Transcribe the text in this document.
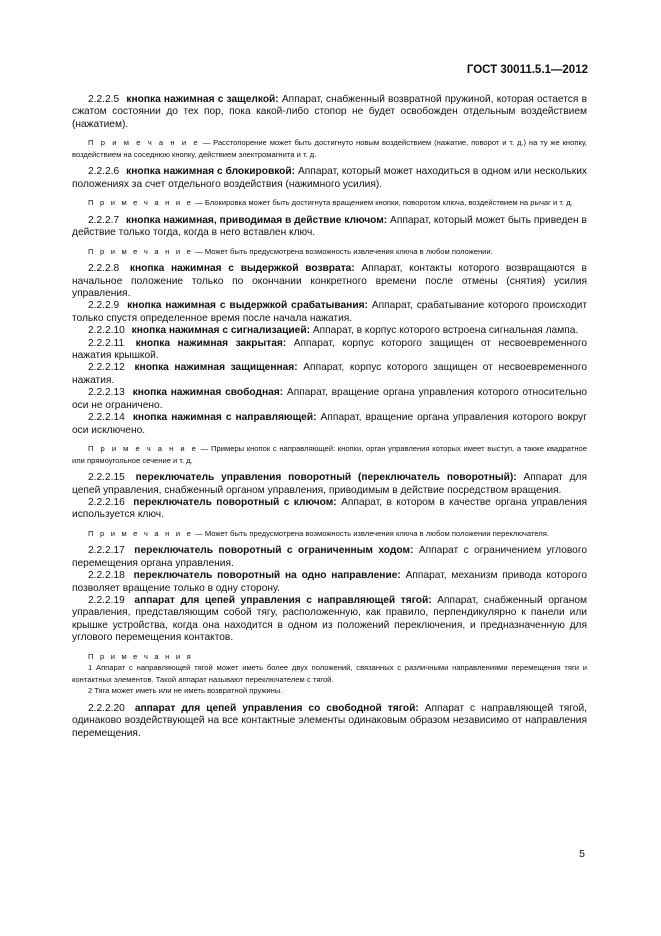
ГОСТ 30011.5.1—2012

2.2.2.5 кнопка нажимная с защелкой: Аппарат, снабженный возвратной пружиной, которая остается в сжатом состоянии до тех пор, пока какой-либо стопор не будет освобожден отдельным воздействием (нажатием).

П р и м е ч а н и е — Расстопорение может быть достигнуто новым воздействием (нажатие, поворот и т. д.) на ту же кнопку, воздействием на соседнюю кнопку, действием электромагнита и т. д.

2.2.2.6 кнопка нажимная с блокировкой: Аппарат, который может находиться в одном или нескольких положениях за счет отдельного воздействия (нажимного усилия).

П р и м е ч а н и е — Блокировка может быть достигнута вращением кнопки, поворотом ключа, воздействием на рычаг и т. д.

2.2.2.7 кнопка нажимная, приводимая в действие ключом: Аппарат, который может быть приведен в действие только тогда, когда в него вставлен ключ.

П р и м е ч а н и е — Может быть предусмотрена возможность извлечения ключа в любом положении.

2.2.2.8 кнопка нажимная с выдержкой возврата: Аппарат, контакты которого возвращаются в начальное положение только по окончании конкретного времени после отмены (снятия) усилия управления.

2.2.2.9 кнопка нажимная с выдержкой срабатывания: Аппарат, срабатывание которого происходит только спустя определенное время после начала нажатия.

2.2.2.10 кнопка нажимная с сигнализацией: Аппарат, в корпус которого встроена сигнальная лампа.

2.2.2.11 кнопка нажимная закрытая: Аппарат, корпус которого защищен от несвоевременного нажатия крышкой.

2.2.2.12 кнопка нажимная защищенная: Аппарат, корпус которого защищен от несвоевременного нажатия.

2.2.2.13 кнопка нажимная свободная: Аппарат, вращение органа управления которого относительно оси не ограничено.

2.2.2.14 кнопка нажимная с направляющей: Аппарат, вращение органа управления которого вокруг оси исключено.

П р и м е ч а н и е — Примеры кнопок с направляющей: кнопки, орган управления которых имеет выступ, а также квадратное или прямоугольное сечение и т. д.

2.2.2.15 переключатель управления поворотный (переключатель поворотный): Аппарат для цепей управления, снабженный органом управления, приводимым в действие посредством вращения.

2.2.2.16 переключатель поворотный с ключом: Аппарат, в котором в качестве органа управления используется ключ.

П р и м е ч а н и е — Может быть предусмотрена возможность извлечения ключа в любом положении переключателя.

2.2.2.17 переключатель поворотный с ограниченным ходом: Аппарат с ограничением углового перемещения органа управления.

2.2.2.18 переключатель поворотный на одно направление: Аппарат, механизм привода которого позволяет вращение только в одну сторону.

2.2.2.19 аппарат для цепей управления с направляющей тягой: Аппарат, снабженный органом управления, представляющим собой тягу, расположенную, как правило, перпендикулярно к панели или крышке устройства, когда она находится в одном из положений переключения, и предназначенную для углового перемещения контактов.

П р и м е ч а н и я

1 Аппарат с направляющей тягой может иметь более двух положений, связанных с различными направлениями перемещения тяги и контактных элементов. Такой аппарат называют переключателем с тягой.

2 Тяга может иметь или не иметь возвратной пружины.

2.2.2.20 аппарат для цепей управления со свободной тягой: Аппарат с направляющей тягой, одинаково воздействующей на все контактные элементы одинаковым образом независимо от направления перемещения.

5
